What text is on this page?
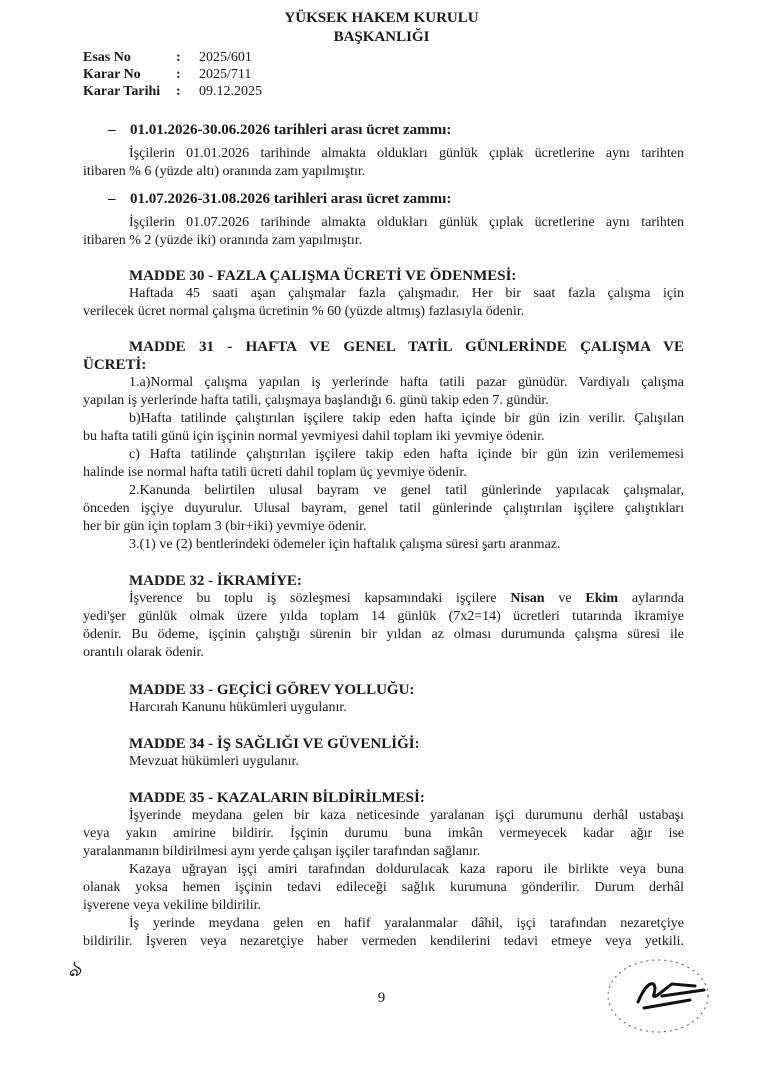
YÜKSEK HAKEM KURULU
BAŞKANLIĞI
Esas No	: 2025/601
Karar No	: 2025/711
Karar Tarihi : 09.12.2025
– 01.01.2026-30.06.2026 tarihleri arası ücret zammı:
İşçilerin 01.01.2026 tarihinde almakta oldukları günlük çıplak ücretlerine aynı tarihten
itibaren % 6 (yüzde altı) oranında zam yapılmıştır.
– 01.07.2026-31.08.2026 tarihleri arası ücret zammı:
İşçilerin 01.07.2026 tarihinde almakta oldukları günlük çıplak ücretlerine aynı tarihten
itibaren % 2 (yüzde iki) oranında zam yapılmıştır.
MADDE 30 - FAZLA ÇALIŞMA ÜCRETİ VE ÖDENMESİ:
Haftada 45 saati aşan çalışmalar fazla çalışmadır. Her bir saat fazla çalışma için
verilecek ücret normal çalışma ücretinin % 60 (yüzde altmış) fazlasıyla ödenir.
MADDE 31 - HAFTA VE GENEL TATİL GÜNLERİNDE ÇALIŞMA VE
ÜCRETİ:
1.a)Normal çalışma yapılan iş yerlerinde hafta tatili pazar günüdür. Vardiyalı çalışma
yapılan iş yerlerinde hafta tatili, çalışmaya başlandığı 6. günü takip eden 7. gündür.
b)Hafta tatilinde çalıştırılan işçilere takip eden hafta içinde bir gün izin verilir. Çalışılan
bu hafta tatili günü için işçinin normal yevmiyesi dahil toplam iki yevmiye ödenir.
c) Hafta tatilinde çalıştırılan işçilere takip eden hafta içinde bir gün izin verilememesi
halinde ise normal hafta tatili ücreti dahil toplam üç yevmiye ödenir.
2.Kanunda belirtilen ulusal bayram ve genel tatil günlerinde yapılacak çalışmalar,
önceden işçiye duyurulur. Ulusal bayram, genel tatil günlerinde çalıştırılan işçilere çalıştıkları
her bir gün için toplam 3 (bir+iki) yevmiye ödenir.
3.(1) ve (2) bentlerindeki ödemeler için haftalık çalışma süresi şartı aranmaz.
MADDE 32 - İKRAMİYE:
İşverence bu toplu iş sözleşmesi kapsamındaki işçilere Nisan ve Ekim aylarında
yedi'şer günlük olmak üzere yılda toplam 14 günlük (7x2=14) ücretleri tutarında ikramiye
ödenir. Bu ödeme, işçinin çalıştığı sürenin bir yıldan az olması durumunda çalışma süresi ile
orantılı olarak ödenir.
MADDE 33 - GEÇİCİ GÖREV YOLLUĞU:
Harcırah Kanunu hükümleri uygulanır.
MADDE 34 - İŞ SAĞLIĞI VE GÜVENLİĞİ:
Mevzuat hükümleri uygulanır.
MADDE 35 - KAZALARIN BİLDİRİLMESİ:
İşyerinde meydana gelen bir kaza neticesinde yaralanan işçi durumunu derhâl ustabaşı
veya yakın amirine bildirir. İşçinin durumu buna imkân vermeyecek kadar ağır ise
yaralanmanın bildirilmesi aynı yerde çalışan işçiler tarafından sağlanır.
Kazaya uğrayan işçi amiri tarafından doldurulacak kaza raporu ile birlikte veya buna
olanak yoksa hemen işçinin tedavi edileceği sağlık kurumuna gönderilir. Durum derhâl
işverene veya vekiline bildirilir.
İş yerinde meydana gelen en hafif yaralanmalar dâhil, işçi tarafından nezaretçiye
bildirilir. İşveren veya nezaretçiye haber vermeden kendilerini tedavi etmeye veya yetkili.
ঌ
9
